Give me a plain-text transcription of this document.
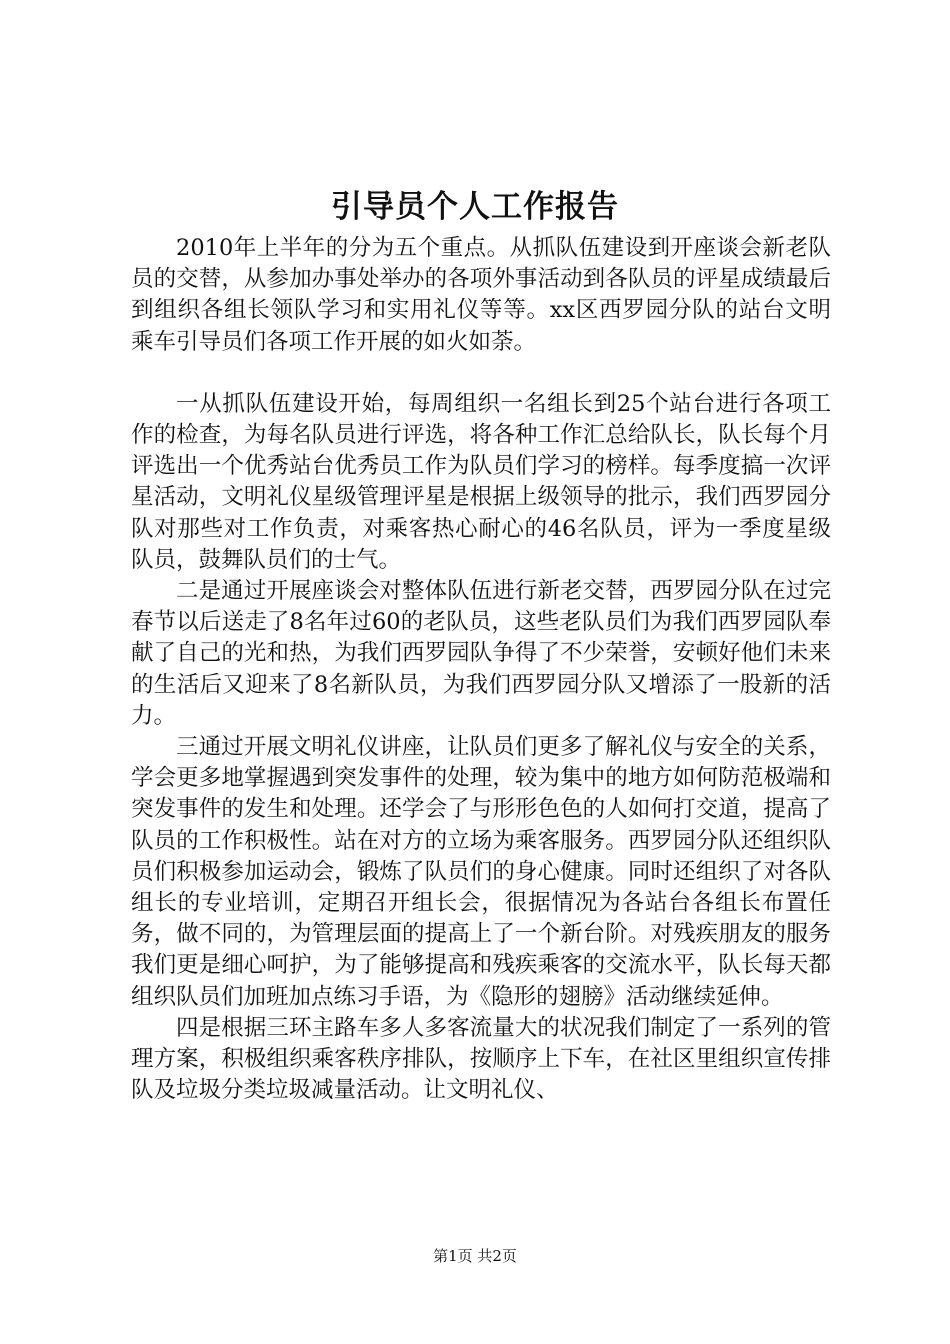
引导员个人工作报告

2010年上半年的分为五个重点。从抓队伍建设到开座谈会新老队员的交替，从参加办事处举办的各项外事活动到各队员的评星成绩最后到组织各组长领队学习和实用礼仪等等。xx区西罗园分队的站台文明乘车引导员们各项工作开展的如火如荼。

一从抓队伍建设开始，每周组织一名组长到25个站台进行各项工作的检查，为每名队员进行评选，将各种工作汇总给队长，队长每个月评选出一个优秀站台优秀员工作为队员们学习的榜样。每季度搞一次评星活动，文明礼仪星级管理评星是根据上级领导的批示，我们西罗园分队对那些对工作负责，对乘客热心耐心的46名队员，评为一季度星级队员，鼓舞队员们的士气。

二是通过开展座谈会对整体队伍进行新老交替，西罗园分队在过完春节以后送走了8名年过60的老队员，这些老队员们为我们西罗园队奉献了自己的光和热，为我们西罗园队争得了不少荣誉，安顿好他们未来的生活后又迎来了8名新队员，为我们西罗园分队又增添了一股新的活力。

三通过开展文明礼仪讲座，让队员们更多了解礼仪与安全的关系，学会更多地掌握遇到突发事件的处理，较为集中的地方如何防范极端和突发事件的发生和处理。还学会了与形形色色的人如何打交道，提高了队员的工作积极性。站在对方的立场为乘客服务。西罗园分队还组织队员们积极参加运动会，锻炼了队员们的身心健康。同时还组织了对各队组长的专业培训，定期召开组长会，很据情况为各站台各组长布置任务，做不同的，为管理层面的提高上了一个新台阶。对残疾朋友的服务我们更是细心呵护，为了能够提高和残疾乘客的交流水平，队长每天都组织队员们加班加点练习手语，为《隐形的翅膀》活动继续延伸。

四是根据三环主路车多人多客流量大的状况我们制定了一系列的管理方案，积极组织乘客秩序排队，按顺序上下车，在社区里组织宣传排队及垃圾分类垃圾减量活动。让文明礼仪、

第1页 共2页
